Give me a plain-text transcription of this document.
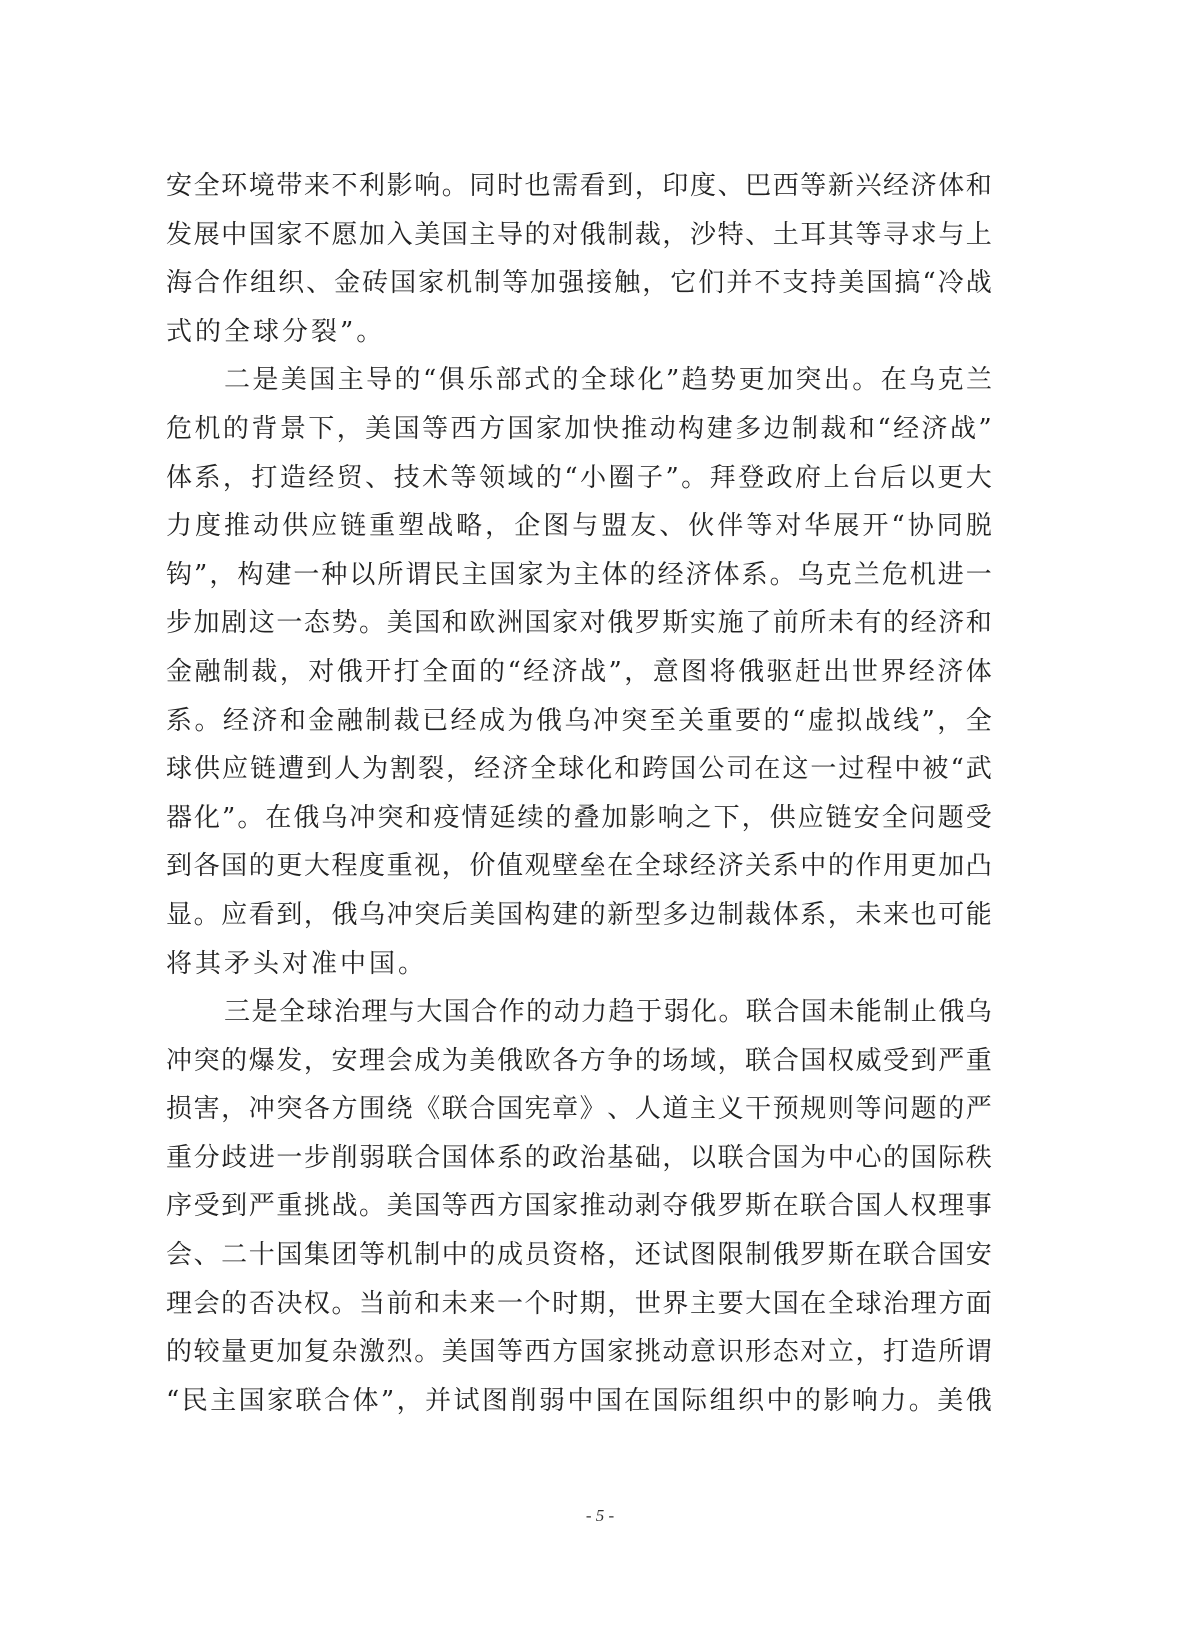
安 全 环 境 带 来 不 利 影 响 。 同 时 也 需 看 到 ， 印 度 、 巴 西 等 新 兴 经 济 体 和
发 展 中 国 家 不 愿 加 入 美 国 主 导 的 对 俄 制 裁 ， 沙 特 、 土 耳 其 等 寻 求 与 上
海 合 作 组 织 、 金 砖 国 家 机 制 等 加 强 接 触 ， 它 们 并 不 支 持 美 国 搞 “ 冷 战
式的全球分裂”。
二 是 美 国 主 导 的 “ 俱 乐 部 式 的 全 球 化 ” 趋 势 更 加 突 出 。 在 乌 克 兰
危 机 的 背 景 下 ， 美 国 等 西 方 国 家 加 快 推 动 构 建 多 边 制 裁 和 “ 经 济 战 ”
体 系 ， 打 造 经 贸 、 技 术 等 领 域 的 “ 小 圈 子 ” 。 拜 登 政 府 上 台 后 以 更 大
力 度 推 动 供 应 链 重 塑 战 略 ， 企 图 与 盟 友 、 伙 伴 等 对 华 展 开 “ 协 同 脱
钩 ” ， 构 建 一 种 以 所 谓 民 主 国 家 为 主 体 的 经 济 体 系 。 乌 克 兰 危 机 进 一
步 加 剧 这 一 态 势 。 美 国 和 欧 洲 国 家 对 俄 罗 斯 实 施 了 前 所 未 有 的 经 济 和
金 融 制 裁 ， 对 俄 开 打 全 面 的 “ 经 济 战 ” ， 意 图 将 俄 驱 赶 出 世 界 经 济 体
系 。 经 济 和 金 融 制 裁 已 经 成 为 俄 乌 冲 突 至 关 重 要 的 “ 虚 拟 战 线 ” ， 全
球 供 应 链 遭 到 人 为 割 裂 ， 经 济 全 球 化 和 跨 国 公 司 在 这 一 过 程 中 被 “ 武
器 化 ” 。 在 俄 乌 冲 突 和 疫 情 延 续 的 叠 加 影 响 之 下 ， 供 应 链 安 全 问 题 受
到 各 国 的 更 大 程 度 重 视 ， 价 值 观 壁 垒 在 全 球 经 济 关 系 中 的 作 用 更 加 凸
显 。 应 看 到 ， 俄 乌 冲 突 后 美 国 构 建 的 新 型 多 边 制 裁 体 系 ， 未 来 也 可 能
将其矛头对准中国。
三 是 全 球 治 理 与 大 国 合 作 的 动 力 趋 于 弱 化 。 联 合 国 未 能 制 止 俄 乌
冲 突 的 爆 发 ， 安 理 会 成 为 美 俄 欧 各 方 争 的 场 域 ， 联 合 国 权 威 受 到 严 重
损 害 ， 冲 突 各 方 围 绕 《 联 合 国 宪 章 》 、 人 道 主 义 干 预 规 则 等 问 题 的 严
重 分 歧 进 一 步 削 弱 联 合 国 体 系 的 政 治 基 础 ， 以 联 合 国 为 中 心 的 国 际 秩
序 受 到 严 重 挑 战 。 美 国 等 西 方 国 家 推 动 剥 夺 俄 罗 斯 在 联 合 国 人 权 理 事
会 、 二 十 国 集 团 等 机 制 中 的 成 员 资 格 ， 还 试 图 限 制 俄 罗 斯 在 联 合 国 安
理 会 的 否 决 权 。 当 前 和 未 来 一 个 时 期 ， 世 界 主 要 大 国 在 全 球 治 理 方 面
的 较 量 更 加 复 杂 激 烈 。 美 国 等 西 方 国 家 挑 动 意 识 形 态 对 立 ， 打 造 所 谓
“ 民 主 国 家 联 合 体 ” ， 并 试 图 削 弱 中 国 在 国 际 组 织 中 的 影 响 力 。 美 俄
- 5 -
